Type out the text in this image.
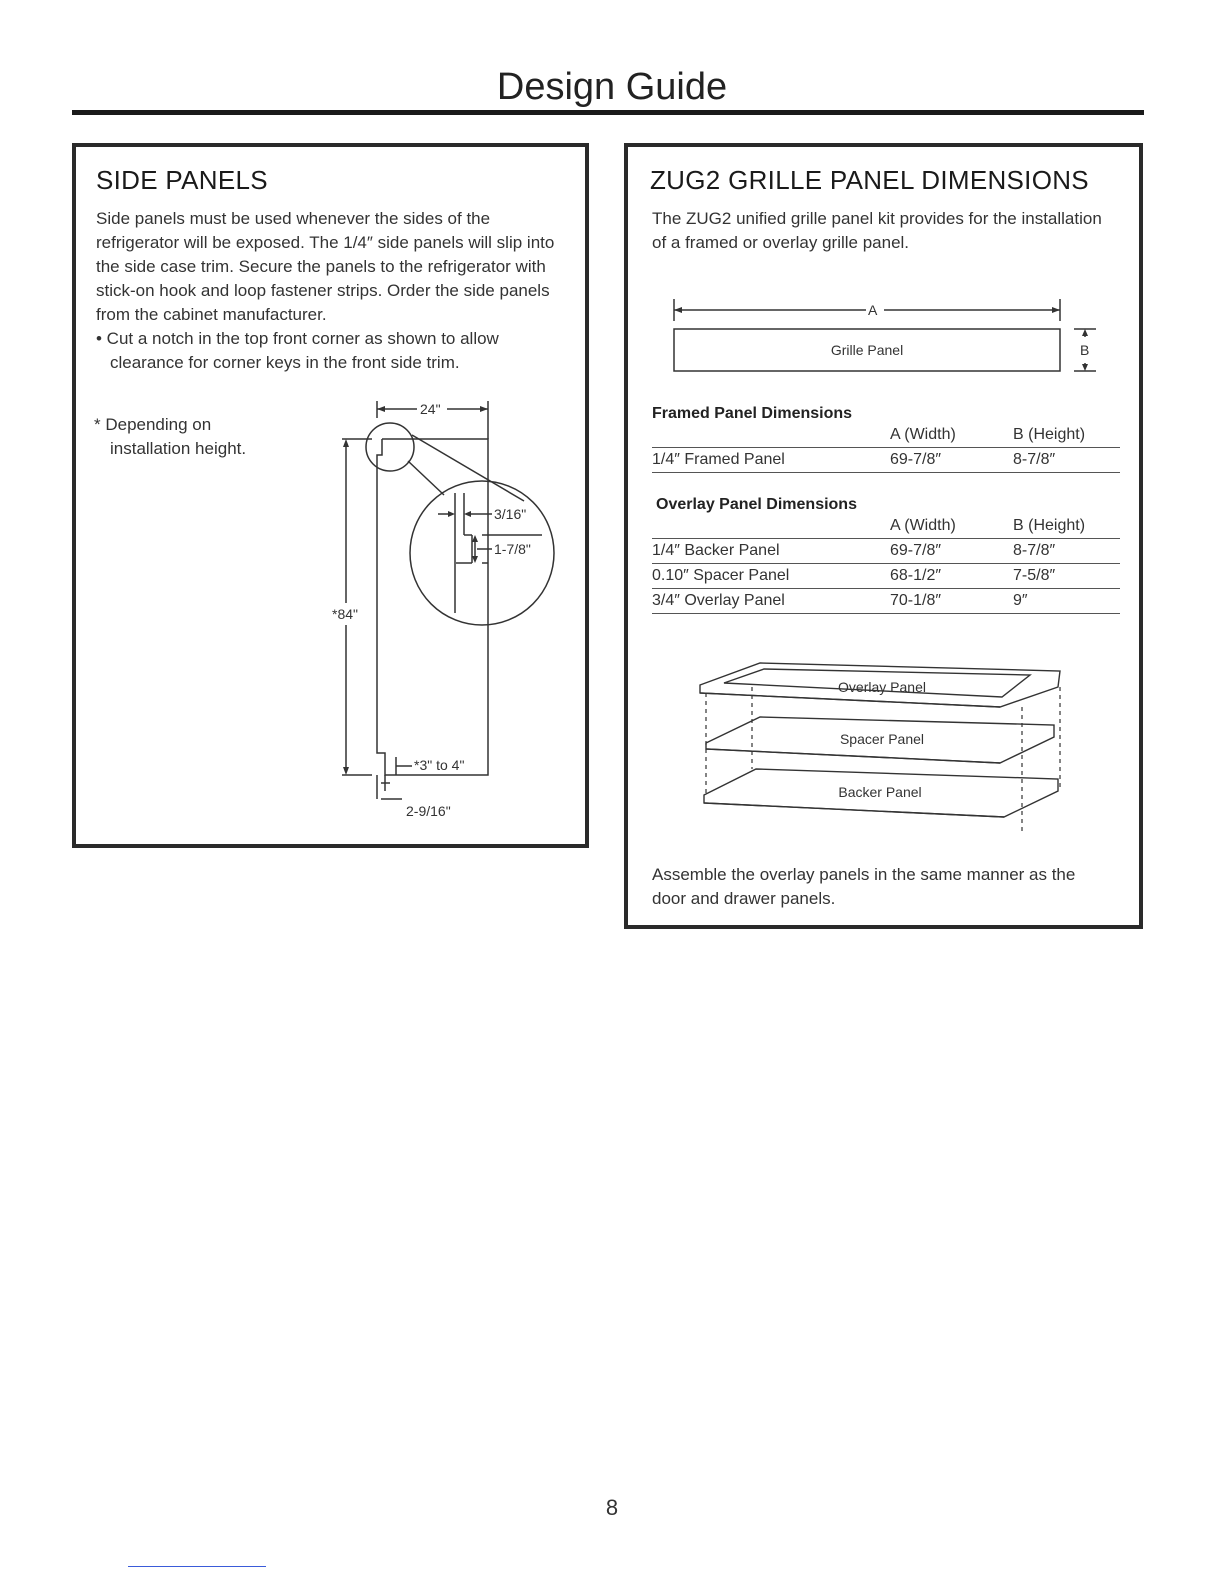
Design Guide
SIDE PANELS

Side panels must be used whenever the sides of the refrigerator will be exposed. The 1/4″ side panels will slip into the side case trim. Secure the panels to the refrigerator with stick-on hook and loop fastener strips. Order the side panels from the cabinet manufacturer.

• Cut a notch in the top front corner as shown to allow clearance for corner keys in the front side trim.

* Depending on installation height.
24"
*84"
3/16"
1-7/8"
*3" to 4"
2-9/16"
ZUG2 GRILLE PANEL DIMENSIONS
The ZUG2 unified grille panel kit provides for the installation of a framed or overlay grille panel.
A
B
Grille Panel
Framed Panel Dimensions
A (Width)	B (Height)
1/4″ Framed Panel	69-7/8″	8-7/8″
Overlay Panel Dimensions
A (Width)	B (Height)
1/4″ Backer Panel	69-7/8″	8-7/8″
0.10″ Spacer Panel	68-1/2″	7-5/8″
3/4″ Overlay Panel	70-1/8″	9″
Overlay Panel
Spacer Panel
Backer Panel
Assemble the overlay panels in the same manner as the door and drawer panels.
8
